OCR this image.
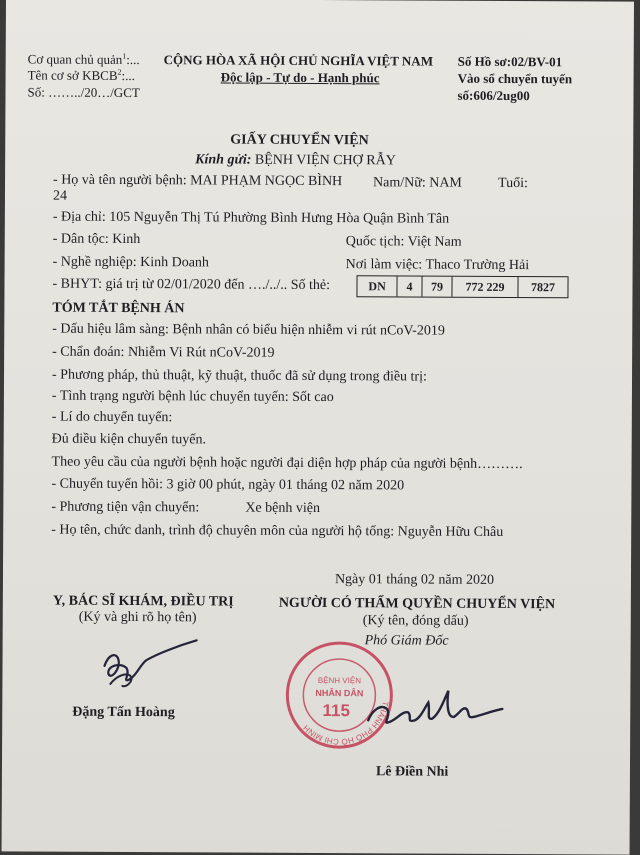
Cơ quan chủ quản$^1$:...
Tên cơ sở KBCB$^2$:...
Số: ……../20…/GCT
CỘNG HÒA XÃ HỘI CHỦ NGHĨA VIỆT NAM
Độc lập - Tự do - Hạnh phúc
Số Hồ sơ:02/BV-01
Vào sổ chuyển tuyến
số:606/2ug00
GIẤY CHUYỂN VIỆN
Kính gửi: BỆNH VIỆN CHỢ RẪY
- Họ và tên người bệnh: MAI PHẠM NGỌC BÌNH Nam/Nữ: NAM	Tuổi:
24
- Địa chỉ: 105 Nguyễn Thị Tú Phường Bình Hưng Hòa Quận Bình Tân
- Dân tộc: Kinh	Quốc tịch: Việt Nam
- Nghề nghiệp: Kinh Doanh	Nơi làm việc: Thaco Trường Hải
- BHYT: giá trị từ 02/01/2020 đến …./../.. Số thẻ:	DN	4	79	772 229	7827
TÓM TẮT BỆNH ÁN
- Dấu hiệu lâm sàng: Bệnh nhân có biểu hiện nhiễm vi rút nCoV-2019
- Chẩn đoán: Nhiễm Vi Rút nCoV-2019
- Phương pháp, thủ thuật, kỹ thuật, thuốc đã sử dụng trong điều trị:
- Tình trạng người bệnh lúc chuyển tuyến: Sốt cao
- Lí do chuyển tuyến:
Đủ điều kiện chuyển tuyến.
Theo yêu cầu của người bệnh hoặc người đại diện hợp pháp của người bệnh……….
- Chuyển tuyến hồi: 3 giờ 00 phút, ngày 01 tháng 02 năm 2020
- Phương tiện vận chuyển:	Xe bệnh viện
- Họ tên, chức danh, trình độ chuyên môn của người hộ tống: Nguyễn Hữu Châu
Ngày 01 tháng 02 năm 2020
Y, BÁC SĨ KHÁM, ĐIỀU TRỊ
(Ký và ghi rõ họ tên)
NGƯỜI CÓ THẨM QUYỀN CHUYỂN VIỆN
(Ký tên, đóng dấu)
Phó Giám Đốc
Đặng Tấn Hoàng
THÀNH PHỐ HỒ CHÍ MINH
BỆNH VIỆN
NHÂN DÂN
115
Lê Điền Nhi
